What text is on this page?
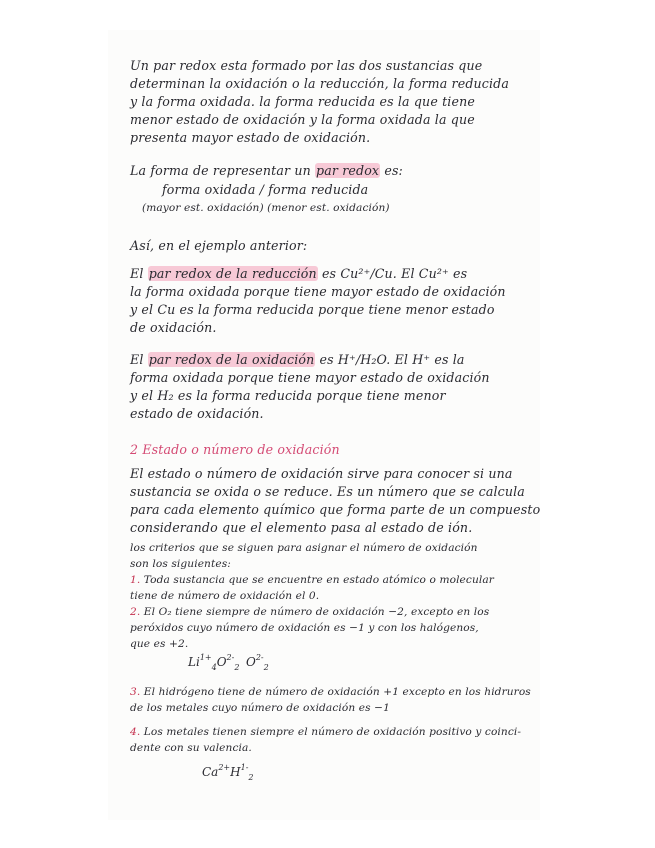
Un par redox esta formado por las dos sustancias que
determinan la oxidación o la reducción, la forma reducida
y la forma oxidada. la forma reducida es la que tiene
menor estado de oxidación y la forma oxidada la que
presenta mayor estado de oxidación.
La forma de representar un par redox es:
forma oxidada / forma reducida
(mayor est. oxidación) (menor est. oxidación)
Así, en el ejemplo anterior:
El par redox de la reducción es Cu²⁺/Cu. El Cu²⁺ es
la forma oxidada porque tiene mayor estado de oxidación
y el Cu es la forma reducida porque tiene menor estado
de oxidación.
El par redox de la oxidación es H⁺/H₂O. El H⁺ es la
forma oxidada porque tiene mayor estado de oxidación
y el H₂ es la forma reducida porque tiene menor
estado de oxidación.
2 Estado o número de oxidación
El estado o número de oxidación sirve para conocer si una
sustancia se oxida o se reduce. Es un número que se calcula
para cada elemento químico que forma parte de un compuesto
considerando que el elemento pasa al estado de ión.
los criterios que se siguen para asignar el número de oxidación
son los siguientes:
1. Toda sustancia que se encuentre en estado atómico o molecular
tiene de número de oxidación el 0.
2. El O₂ tiene siempre de número de oxidación −2, excepto en los
peróxidos cuyo número de oxidación es −1 y con los halógenos,
que es +2.
3. El hidrógeno tiene de número de oxidación +1 excepto en los hidruros
de los metales cuyo número de oxidación es −1
4. Los metales tienen siempre el número de oxidación positivo y coinci-
dente con su valencia.
$Li^{1+}_4O^{2-}_2$ $O^{2-}_2$
$Ca^{2+}H^{1-}_2$
